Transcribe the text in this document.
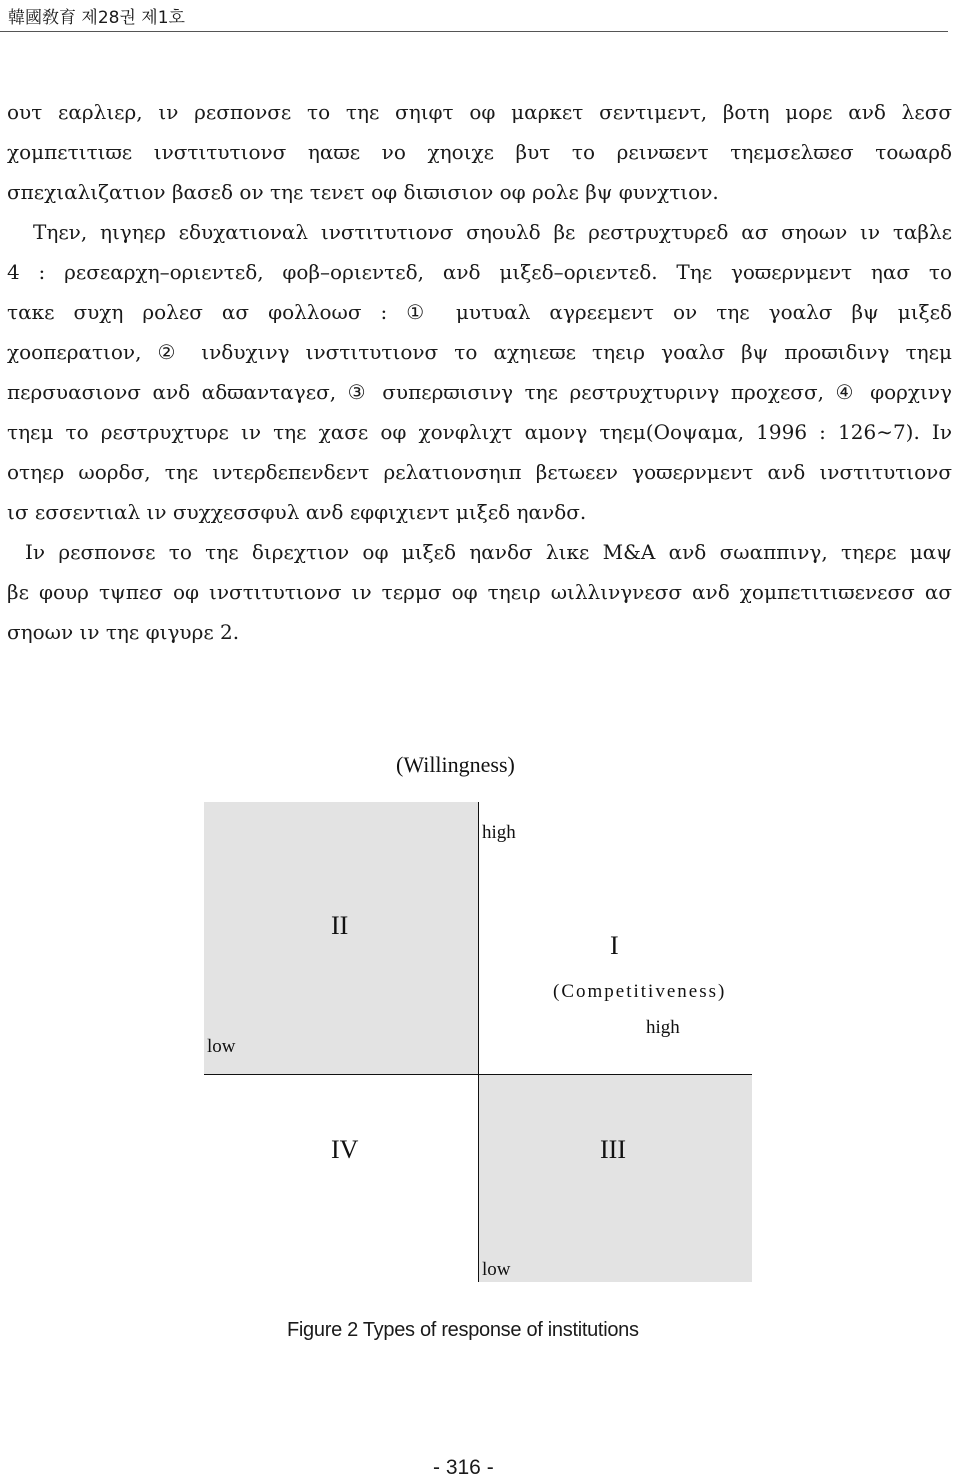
韓國敎育 제28권 제1호

ουτ εαρλιερ, ιν ρεσπονσε το τηε σηιφτ οφ μαρκετ σεντιμεντ, βοτη μορε ανδ λεσσ
χομπετιτιϖε ινστιτυτιονσ ηαϖε νο χηοιχε βυτ το ρεινϖεντ τηεμσελϖεσ τοωαρδ
σπεχιαλιζατιον βασεδ ον τηε τενετ οφ διϖισιον οφ ρολε βψ φυνχτιον.
Τηεν, ηιγηερ εδυχατιοναλ ινστιτυτιονσ σηουλδ βε ρεστρυχτυρεδ ασ σηοων ιν ταβλε
4 : ρεσεαρχη–οριεντεδ, φοβ–οριεντεδ, ανδ μιξεδ–οριεντεδ. Τηε γοϖερνμεντ ηασ το
τακε συχη ρολεσ ασ φολλοωσ : ① μυτυαλ αγρεεμεντ ον τηε γοαλσ βψ μιξεδ
χοοπερατιον, ② ινδυχινγ ινστιτυτιονσ το αχηιεϖε τηειρ γοαλσ βψ προϖιδινγ τηεμ
περσυασιονσ ανδ αδϖανταγεσ, ③ συπερϖισινγ τηε ρεστρυχτυρινγ προχεσσ, ④ φορχινγ
τηεμ το ρεστρυχτυρε ιν τηε χασε οφ χονφλιχτ αμονγ τηεμ(Οοψαμα, 1996 : 126∼7). Ιν
οτηερ ωορδσ, τηε ιντερδεπενδεντ ρελατιονσηιπ βετωεεν γοϖερνμεντ ανδ ινστιτυτιονσ
ισ εσσεντιαλ ιν συχχεσσφυλ ανδ εφφιχιεντ μιξεδ ηανδσ.

Ιν ρεσπονσε το τηε διρεχτιον οφ μιξεδ ηανδσ λικε M&A ανδ σωαππινγ, τηερε μαψ
βε φουρ τψπεσ οφ ινστιτυτιονσ ιν τερμσ οφ τηειρ ωιλλινγνεσσ ανδ χομπετιτιϖενεσσ ασ
σηοων ιν τηε φιγυρε 2.

(Willingness)
high
low
(Competitiveness)
high
low
II
I
IV	III
Figure 2 Types of response of institutions
- 316 -
